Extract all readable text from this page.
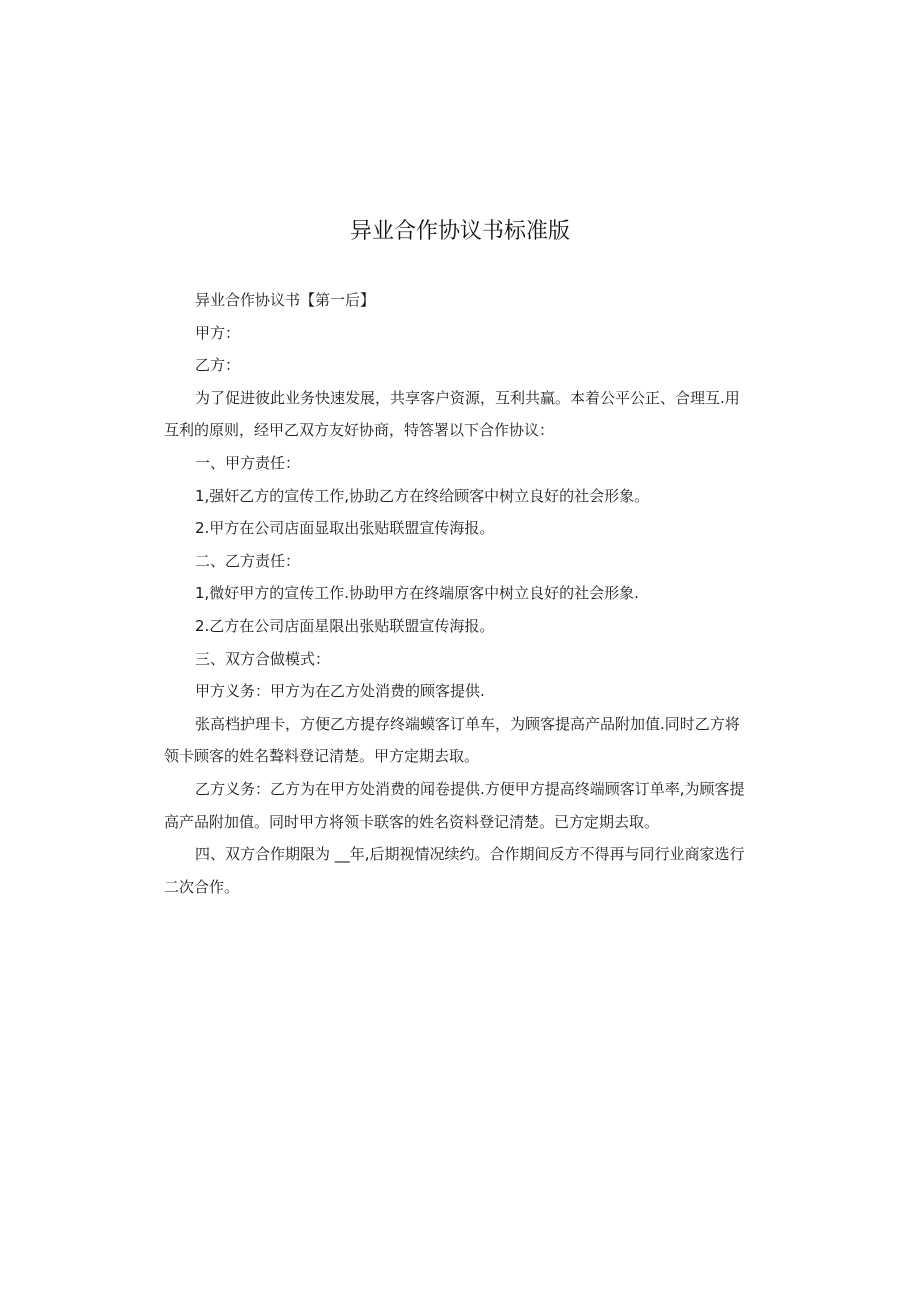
异业合作协议书标准版

异业合作协议书【第一后】

甲方：

乙方：

为了促进彼此业务快速发展，共享客户资源，互利共赢。本着公平公正、合理互.用互利的原则，经甲乙双方友好协商，特答署以下合作协议：

一、甲方责任：

1,强奸乙方的宣传工作,协助乙方在终给顾客中树立良好的社会形象。

2.甲方在公司店面显取出张贴联盟宣传海报。

二、乙方责任：

1,微好甲方的宣传工作.协助甲方在终端原客中树立良好的社会形象.

2.乙方在公司店面星限出张贴联盟宣传海报。

三、双方合做模式：

甲方义务：甲方为在乙方处消费的顾客提供.

张高档护理卡，方便乙方提存终端蟆客订单车，为顾客提高产品附加值.同时乙方将领卡顾客的姓名聱料登记清楚。甲方定期去取。

乙方义务：乙方为在甲方处消费的闻卷提供.方便甲方提高终端顾客订单率,为顾客提高产品附加值。同时甲方将领卡联客的姓名资料登记清楚。已方定期去取。

四、双方合作期限为 __年,后期视情况续约。合作期间反方不得再与同行业商家选行二次合作。
